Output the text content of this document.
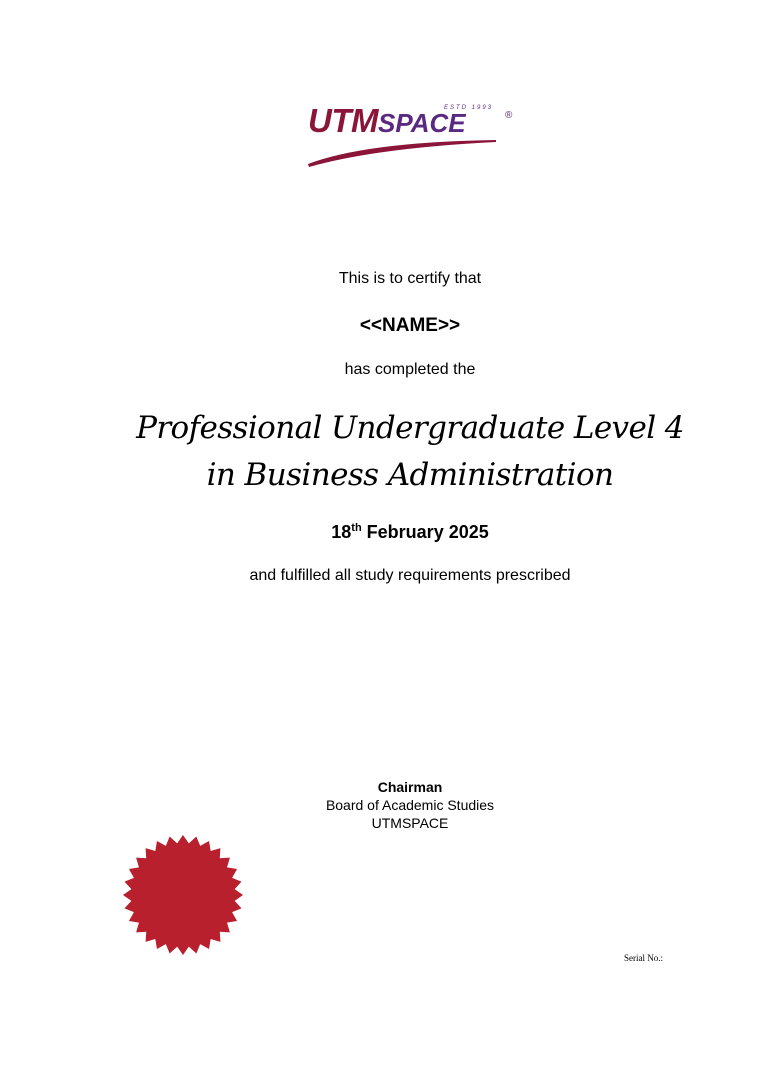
UTMSPACE
ESTD 1993
®
This is to certify that
<<NAME>>
has completed the
Professional Undergraduate Level 4
in Business Administration
18th February 2025
and fulfilled all study requirements prescribed
Chairman
Board of Academic Studies
UTMSPACE
Serial No.:
